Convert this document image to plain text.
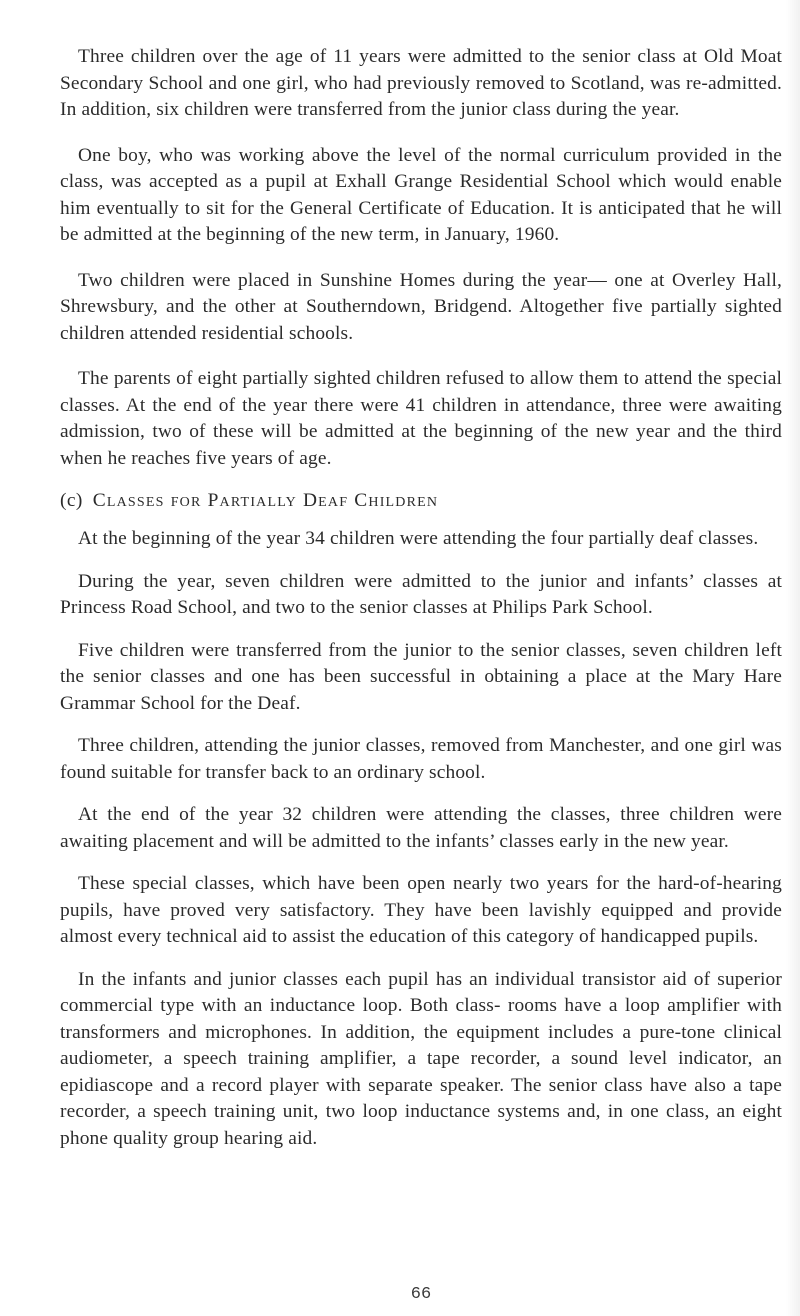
Three children over the age of 11 years were admitted to the senior class at Old Moat Secondary School and one girl, who had previously removed to Scotland, was re-admitted. In addition, six children were transferred from the junior class during the year.

One boy, who was working above the level of the normal curriculum provided in the class, was accepted as a pupil at Exhall Grange Residential School which would enable him eventually to sit for the General Certificate of Education. It is anticipated that he will be admitted at the beginning of the new term, in January, 1960.

Two children were placed in Sunshine Homes during the year— one at Overley Hall, Shrewsbury, and the other at Southerndown, Bridgend. Altogether five partially sighted children attended residential schools.

The parents of eight partially sighted children refused to allow them to attend the special classes. At the end of the year there were 41 children in attendance, three were awaiting admission, two of these will be admitted at the beginning of the new year and the third when he reaches five years of age.

(c) Classes for Partially Deaf Children

At the beginning of the year 34 children were attending the four partially deaf classes.

During the year, seven children were admitted to the junior and infants’ classes at Princess Road School, and two to the senior classes at Philips Park School.

Five children were transferred from the junior to the senior classes, seven children left the senior classes and one has been successful in obtaining a place at the Mary Hare Grammar School for the Deaf.

Three children, attending the junior classes, removed from Manchester, and one girl was found suitable for transfer back to an ordinary school.

At the end of the year 32 children were attending the classes, three children were awaiting placement and will be admitted to the infants’ classes early in the new year.

These special classes, which have been open nearly two years for the hard-of-hearing pupils, have proved very satisfactory. They have been lavishly equipped and provide almost every technical aid to assist the education of this category of handicapped pupils.

In the infants and junior classes each pupil has an individual transistor aid of superior commercial type with an inductance loop. Both class- rooms have a loop amplifier with transformers and microphones. In addition, the equipment includes a pure-tone clinical audiometer, a speech training amplifier, a tape recorder, a sound level indicator, an epidiascope and a record player with separate speaker. The senior class have also a tape recorder, a speech training unit, two loop inductance systems and, in one class, an eight phone quality group hearing aid.

66
